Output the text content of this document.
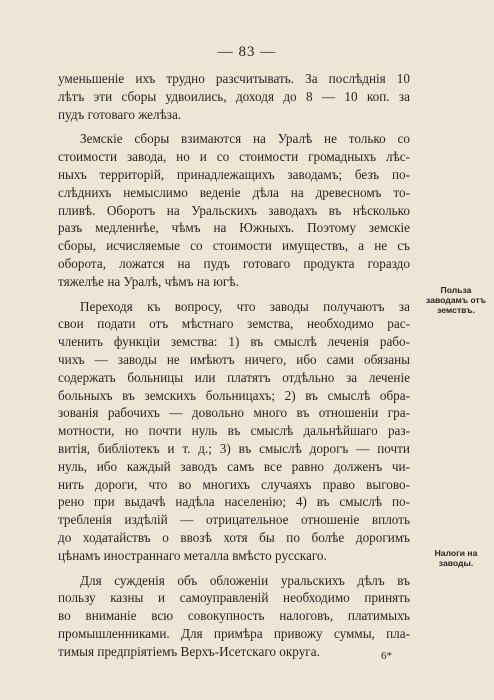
— 83 —
уменьшеніе ихъ трудно разсчитывать. За послѣднія 10
лѣтъ эти сборы удвоились, доходя до 8 — 10 коп. за
пудъ готоваго желѣза.
Земскіе сборы взимаются на Уралѣ не только со
стоимости завода, но и со стоимости громадныхъ лѣс-
ныхъ территорій, принадлежащихъ заводамъ; безъ по-
слѣднихъ немыслимо веденіе дѣла на древесномъ то-
пливѣ. Оборотъ на Уральскихъ заводахъ въ нѣсколько
разъ медленнѣе, чѣмъ на Южныхъ. Поэтому земскіе
сборы, исчисляемые со стоимости имуществъ, а не съ
оборота, ложатся на пудъ готоваго продукта гораздо
тяжелѣе на Уралѣ, чѣмъ на югѣ.
Переходя къ вопросу, что заводы получаютъ за
свои подати отъ мѣстнаго земства, необходимо рас-
членить функціи земства: 1) въ смыслѣ леченія рабо-
чихъ — заводы не имѣютъ ничего, ибо сами обязаны
содержать больницы или платятъ отдѣльно за леченіе
больныхъ въ земскихъ больницахъ; 2) въ смыслѣ обра-
зованія рабочихъ — довольно много въ отношеніи гра-
мотности, но почти нуль въ смыслѣ дальнѣйшаго раз-
витія, библіотекъ и т. д.; 3) въ смыслѣ дорогъ — почти
нуль, ибо каждый заводъ самъ все равно долженъ чи-
нить дороги, что во многихъ случаяхъ право выгово-
рено при выдачѣ надѣла населенію; 4) въ смыслѣ по-
требленія издѣлій — отрицательное отношеніе вплоть
до ходатайствъ о ввозѣ хотя бы по болѣе дорогимъ
цѣнамъ иностраннаго металла вмѣсто русскаго.
Для сужденія объ обложеніи уральскихъ дѣлъ въ
пользу казны и самоуправленій необходимо принять
во вниманіе всю совокупность налоговъ, платимыхъ
промышленниками. Для примѣра привожу суммы, пла-
тимыя предпріятіемъ Верхъ-Исетскаго округа.
Польза заводамъ отъ земствъ.
Налоги на заводы.
6*
